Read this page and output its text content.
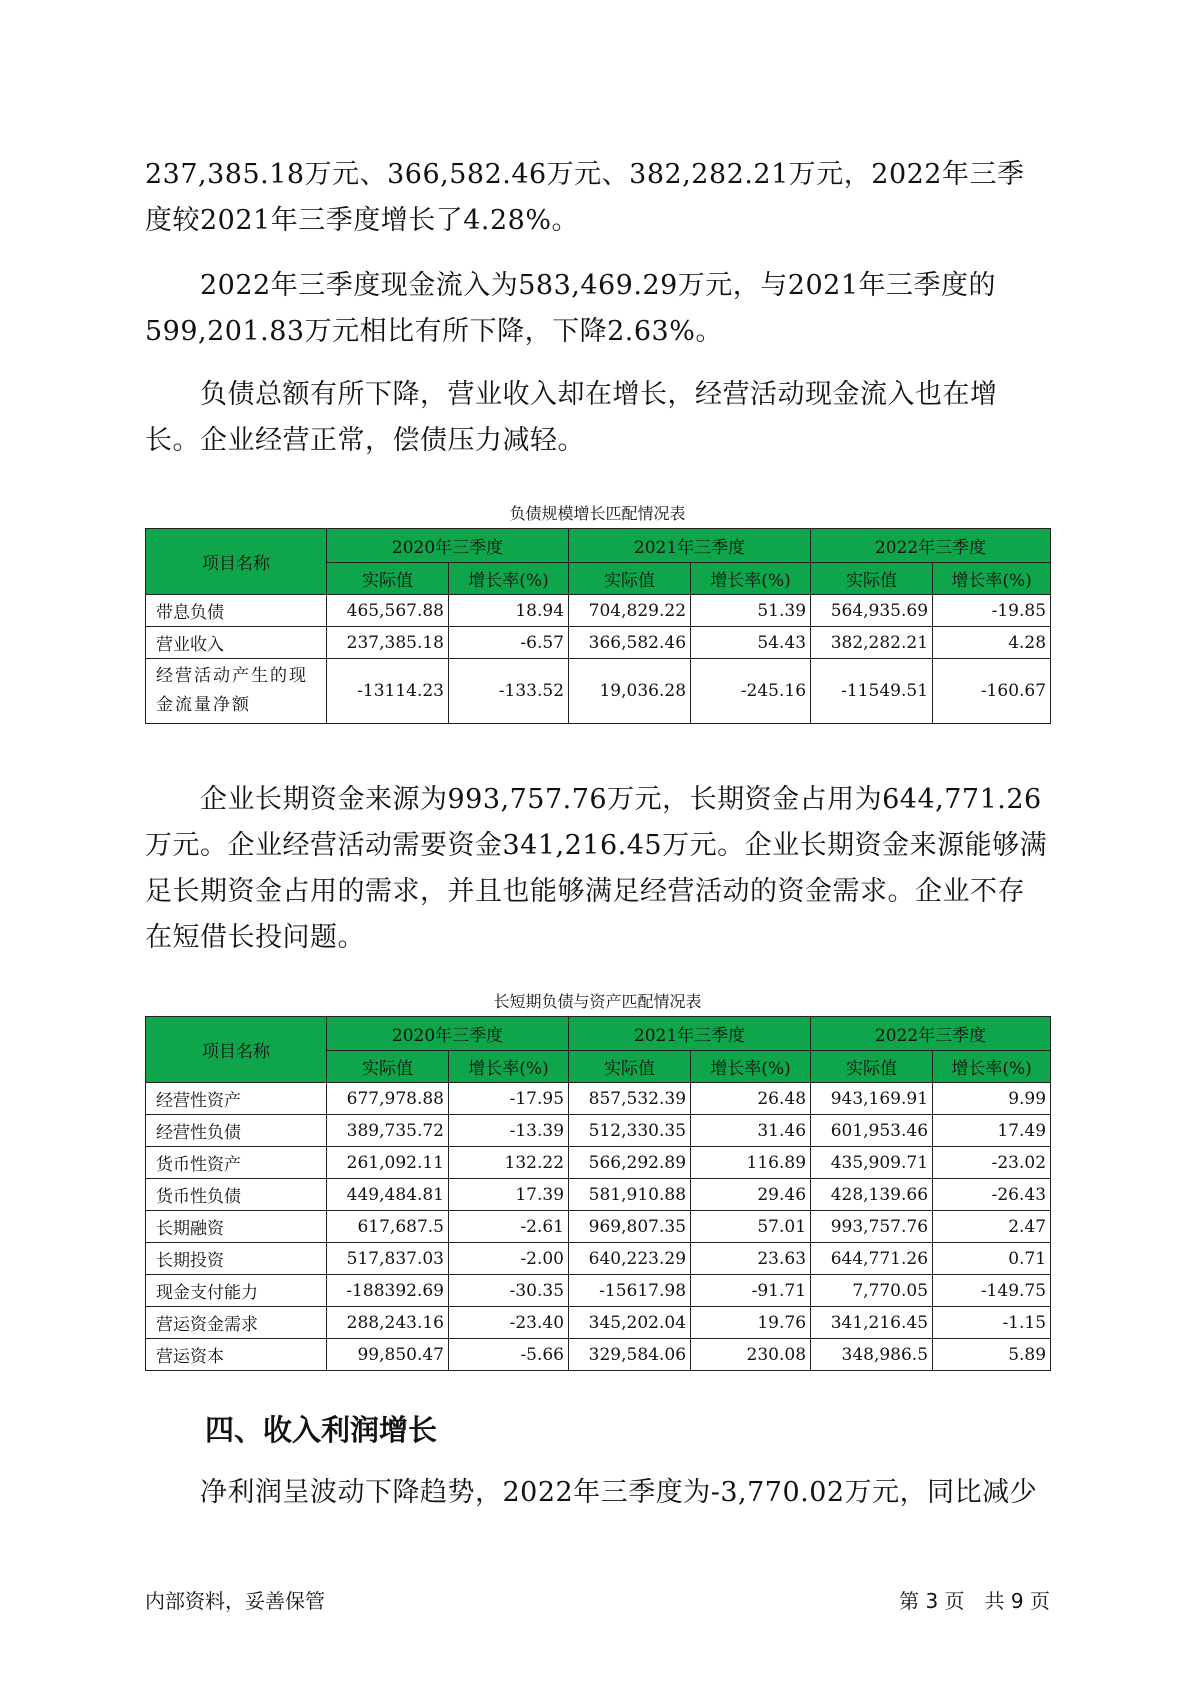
237,385.18万元、366,582.46万元、382,282.21万元，2022年三季度较2021年三季度增长了4.28%。

　　2022年三季度现金流入为583,469.29万元，与2021年三季度的599,201.83万元相比有所下降，下降2.63%。

　　负债总额有所下降，营业收入却在增长，经营活动现金流入也在增长。企业经营正常，偿债压力减轻。

负债规模增长匹配情况表
项目名称	2020年三季度		2021年三季度		2022年三季度	
	实际值	增长率(%)	实际值	增长率(%)	实际值	增长率(%)
带息负债	465,567.88	18.94	704,829.22	51.39	564,935.69	-19.85
营业收入	237,385.18	-6.57	366,582.46	54.43	382,282.21	4.28
经营活动产生的现金流量净额	-13114.23	-133.52	19,036.28	-245.16	-11549.51	-160.67

　　企业长期资金来源为993,757.76万元，长期资金占用为644,771.26万元。企业经营活动需要资金341,216.45万元。企业长期资金来源能够满足长期资金占用的需求，并且也能够满足经营活动的资金需求。企业不存在短借长投问题。

长短期负债与资产匹配情况表
项目名称	2020年三季度		2021年三季度		2022年三季度	
	实际值	增长率(%)	实际值	增长率(%)	实际值	增长率(%)
经营性资产	677,978.88	-17.95	857,532.39	26.48	943,169.91	9.99
经营性负债	389,735.72	-13.39	512,330.35	31.46	601,953.46	17.49
货币性资产	261,092.11	132.22	566,292.89	116.89	435,909.71	-23.02
货币性负债	449,484.81	17.39	581,910.88	29.46	428,139.66	-26.43
长期融资	617,687.5	-2.61	969,807.35	57.01	993,757.76	2.47
长期投资	517,837.03	-2.00	640,223.29	23.63	644,771.26	0.71
现金支付能力	-188392.69	-30.35	-15617.98	-91.71	7,770.05	-149.75
营运资金需求	288,243.16	-23.40	345,202.04	19.76	341,216.45	-1.15
营运资本	99,850.47	-5.66	329,584.06	230.08	348,986.5	5.89
四、收入利润增长

　　净利润呈波动下降趋势，2022年三季度为-3,770.02万元，同比减少

内部资料，妥善保管	第 3 页　共 9 页
